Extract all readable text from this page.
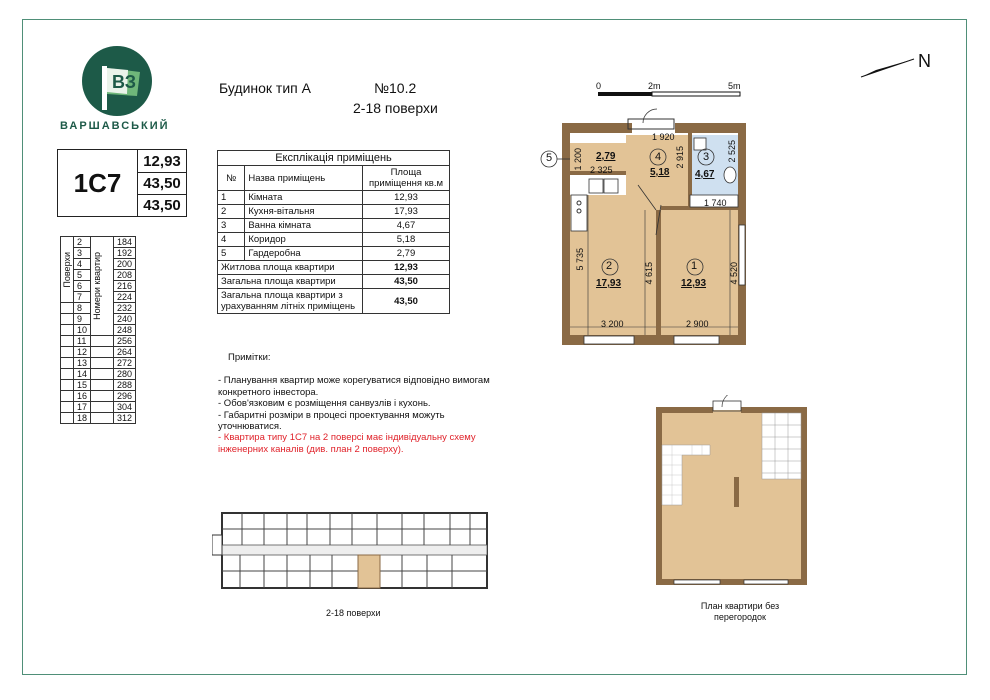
ВЗ
ВАРШАВСЬКИЙ
Будинок тип А	№10.2
2-18 поверхи
1С7
12,93
43,50
43,50
Експлікація приміщень		
№	Назва приміщень	Площа приміщення кв.м
1	Кімната	12,93
2	Кухня-вітальня	17,93
3	Ванна кімната	4,67
4	Коридор	5,18
5	Гардеробна	2,79
Житлова площа квартири		12,93
Загальна площа квартири		43,50
Загальна площа квартири з урахуванням літніх приміщень		43,50
Поверхи	2	Номери квартир	184
	3		192
	4		200
	5		208
	6		216
	7		224
	8		232
	9		240
	10		248
	11		256
	12		264
	13		272
	14		280
	15		288
	16		296
	17		304
	18		312
Примітки:
- Планування квартир може корегуватися відповідно вимогам конкретного інвестора.
- Обов'язковим є розміщення санвузлів і кухонь.
- Габаритні розміри в процесі проектування можуть уточнюватися.
- Квартира типу 1С7 на 2 поверсі має індивідуальну схему інженерних каналів (див. план 2 поверху).
2-18 поверхи
N
0	2m	5m
2,79
5	4
5,18
3
4,67
2
17,93
1
12,93
1 920
2 325
1 740
3 200	2 900
1 200	2 915	2 525
5 735
4 615	4 520
План квартири без перегородок
